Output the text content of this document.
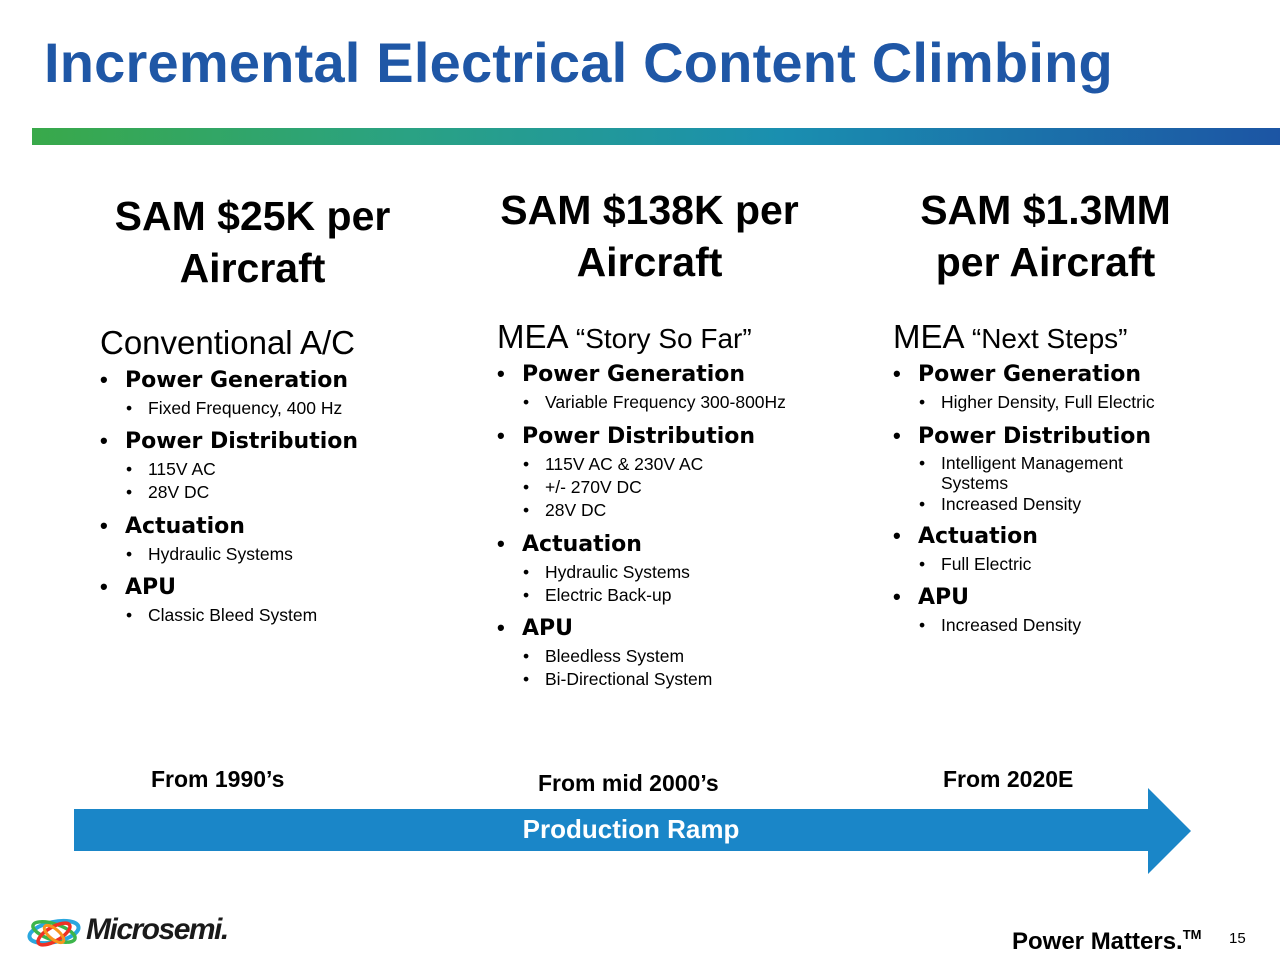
Incremental Electrical Content Climbing
SAM $25K per
Aircraft
Conventional A/C
• Power Generation
• Fixed Frequency, 400 Hz
• Power Distribution
• 115V AC
• 28V DC
• Actuation
• Hydraulic Systems
• APU
• Classic Bleed System
SAM $138K per
Aircraft
MEA “Story So Far”
• Power Generation
• Variable Frequency 300-800Hz
• Power Distribution
• 115V AC & 230V AC
• +/- 270V DC
• 28V DC
• Actuation
• Hydraulic Systems
• Electric Back-up
• APU
• Bleedless System
• Bi-Directional System
SAM $1.3MM
per Aircraft
MEA “Next Steps”
• Power Generation
• Higher Density, Full Electric
• Power Distribution
• Intelligent Management Systems
• Increased Density
• Actuation
• Full Electric
• APU
• Increased Density
From 1990’s	From mid 2000’s	From 2020E
Production Ramp
Microsemi.	Power Matters.™ 15
